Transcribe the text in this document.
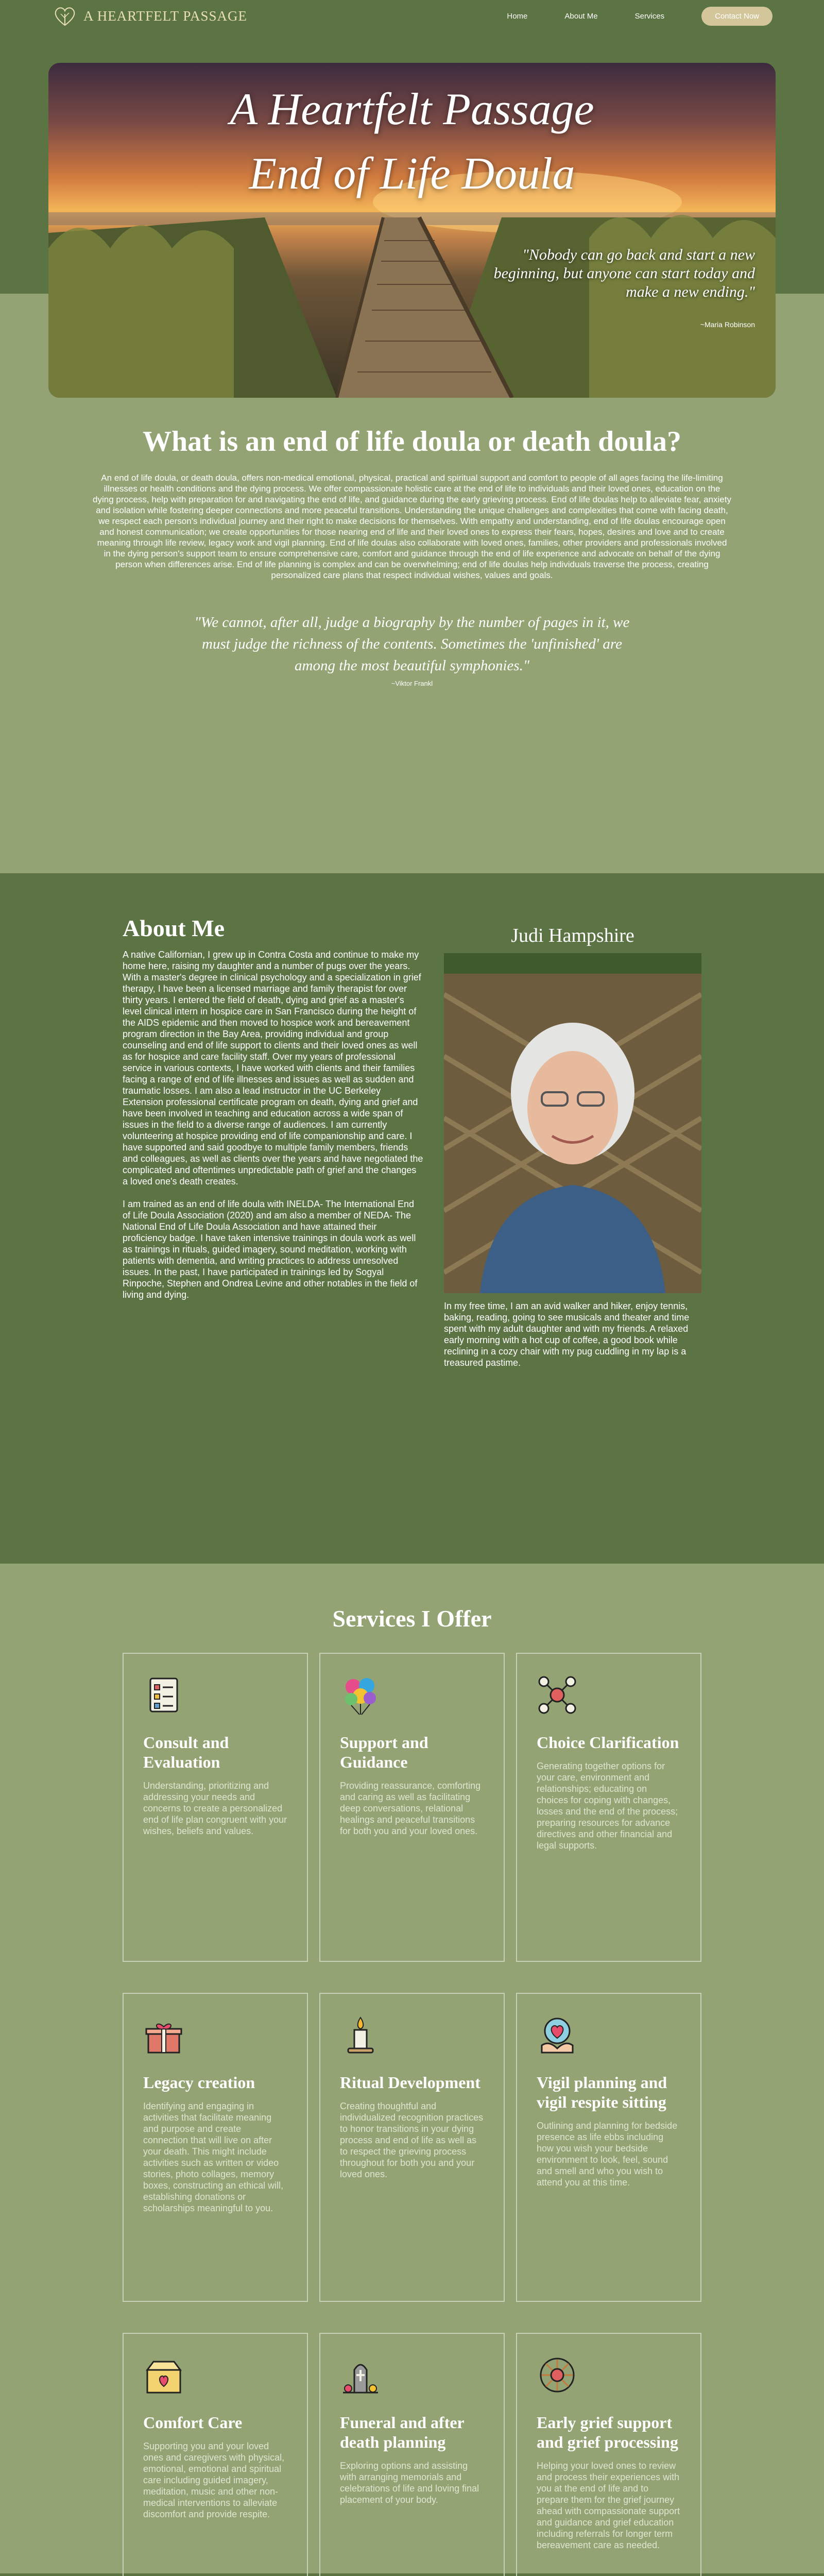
A HEARTFELT PASSAGE	Home	About Me	Services	Contact Now
A Heartfelt Passage
End of Life Doula
"Nobody can go back and start a new beginning, but anyone can start today and make a new ending."
~Maria Robinson
What is an end of life doula or death doula?

An end of life doula, or death doula, offers non-medical emotional, physical, practical and spiritual support and comfort to people of all ages facing the life-limiting illnesses or health conditions and the dying process. We offer compassionate holistic care at the end of life to individuals and their loved ones, education on the dying process, help with preparation for and navigating the end of life, and guidance during the early grieving process. End of life doulas help to alleviate fear, anxiety and isolation while fostering deeper connections and more peaceful transitions. Understanding the unique challenges and complexities that come with facing death, we respect each person's individual journey and their right to make decisions for themselves. With empathy and understanding, end of life doulas encourage open and honest communication; we create opportunities for those nearing end of life and their loved ones to express their fears, hopes, desires and love and to create meaning through life review, legacy work and vigil planning. End of life doulas also collaborate with loved ones, families, other providers and professionals involved in the dying person's support team to ensure comprehensive care, comfort and guidance through the end of life experience and advocate on behalf of the dying person when differences arise. End of life planning is complex and can be overwhelming; end of life doulas help individuals traverse the process, creating personalized care plans that respect individual wishes, values and goals.

"We cannot, after all, judge a biography by the number of pages in it, we must judge the richness of the contents. Sometimes the 'unfinished' are among the most beautiful symphonies."
~Viktor Frankl
About Me

A native Californian, I grew up in Contra Costa and continue to make my home here, raising my daughter and a number of pugs over the years. With a master's degree in clinical psychology and a specialization in grief therapy, I have been a licensed marriage and family therapist for over thirty years. I entered the field of death, dying and grief as a master's level clinical intern in hospice care in San Francisco during the height of the AIDS epidemic and then moved to hospice work and bereavement program direction in the Bay Area, providing individual and group counseling and end of life support to clients and their loved ones as well as for hospice and care facility staff. Over my years of professional service in various contexts, I have worked with clients and their families facing a range of end of life illnesses and issues as well as sudden and traumatic losses. I am also a lead instructor in the UC Berkeley Extension professional certificate program on death, dying and grief and have been involved in teaching and education across a wide span of issues in the field to a diverse range of audiences. I am currently volunteering at hospice providing end of life companionship and care. I have supported and said goodbye to multiple family members, friends and colleagues, as well as clients over the years and have negotiated the complicated and oftentimes unpredictable path of grief and the changes a loved one's death creates.

I am trained as an end of life doula with INELDA- The International End of Life Doula Association (2020) and am also a member of NEDA- The National End of Life Doula Association and have attained their proficiency badge. I have taken intensive trainings in doula work as well as trainings in rituals, guided imagery, sound meditation, working with patients with dementia, and writing practices to address unresolved issues. In the past, I have participated in trainings led by Sogyal Rinpoche, Stephen and Ondrea Levine and other notables in the field of living and dying.

Judi Hampshire

In my free time, I am an avid walker and hiker, enjoy tennis, baking, reading, going to see musicals and theater and time spent with my adult daughter and with my friends. A relaxed early morning with a hot cup of coffee, a good book while reclining in a cozy chair with my pug cuddling in my lap is a treasured pastime.

Services I Offer
Consult and Evaluation

Understanding, prioritizing and addressing your needs and concerns to create a personalized end of life plan congruent with your wishes, beliefs and values.

Support and Guidance

Providing reassurance, comforting and caring as well as facilitating deep conversations, relational healings and peaceful transitions for both you and your loved ones.

Choice Clarification

Generating together options for your care, environment and relationships; educating on choices for coping with changes, losses and the end of the process; preparing resources for advance directives and other financial and legal supports.

Legacy creation

Identifying and engaging in activities that facilitate meaning and purpose and create connection that will live on after your death. This might include activities such as written or video stories, photo collages, memory boxes, constructing an ethical will, establishing donations or scholarships meaningful to you.

Ritual Development

Creating thoughtful and individualized recognition practices to honor transitions in your dying process and end of life as well as to respect the grieving process throughout for both you and your loved ones.

Vigil planning and vigil respite sitting

Outlining and planning for bedside presence as life ebbs including how you wish your bedside environment to look, feel, sound and smell and who you wish to attend you at this time.

Comfort Care

Supporting you and your loved ones and caregivers with physical, emotional, emotional and spiritual care including guided imagery, meditation, music and other non-medical interventions to alleviate discomfort and provide respite.

Funeral and after death planning

Exploring options and assisting with arranging memorials and celebrations of life and loving final placement of your body.

Early grief support and grief processing

Helping your loved ones to review and process their experiences with you at the end of life and to prepare them for the grief journey ahead with compassionate support and guidance and grief education including referrals for longer term bereavement care as needed.
